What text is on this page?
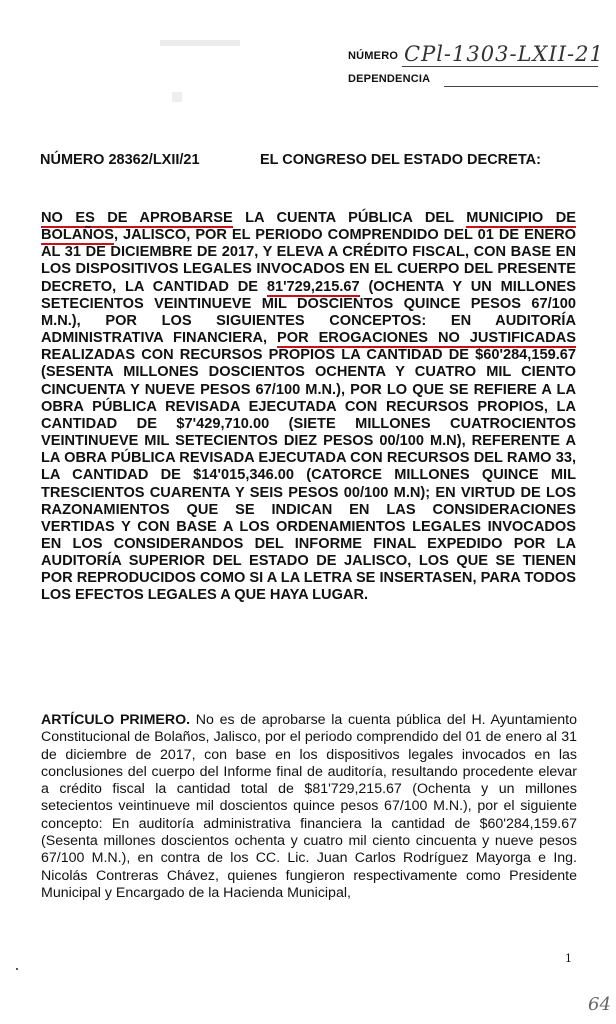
NÚMERO CPl-1303-LXII-21
DEPENDENCIA
NÚMERO 28362/LXII/21	EL CONGRESO DEL ESTADO DECRETA:
NO ES DE APROBARSE LA CUENTA PÚBLICA DEL MUNICIPIO DE BOLAÑOS, JALISCO, POR EL PERIODO COMPRENDIDO DEL 01 DE ENERO AL 31 DE DICIEMBRE DE 2017, Y ELEVA A CRÉDITO FISCAL, CON BASE EN LOS DISPOSITIVOS LEGALES INVOCADOS EN EL CUERPO DEL PRESENTE DECRETO, LA CANTIDAD DE 81'729,215.67 (OCHENTA Y UN MILLONES SETECIENTOS VEINTINUEVE MIL DOSCIENTOS QUINCE PESOS 67/100 M.N.), POR LOS SIGUIENTES CONCEPTOS: EN AUDITORÍA ADMINISTRATIVA FINANCIERA, POR EROGACIONES NO JUSTIFICADAS REALIZADAS CON RECURSOS PROPIOS LA CANTIDAD DE $60'284,159.67 (SESENTA MILLONES DOSCIENTOS OCHENTA Y CUATRO MIL CIENTO CINCUENTA Y NUEVE PESOS 67/100 M.N.), POR LO QUE SE REFIERE A LA OBRA PÚBLICA REVISADA EJECUTADA CON RECURSOS PROPIOS, LA CANTIDAD DE $7'429,710.00 (SIETE MILLONES CUATROCIENTOS VEINTINUEVE MIL SETECIENTOS DIEZ PESOS 00/100 M.N), REFERENTE A LA OBRA PÚBLICA REVISADA EJECUTADA CON RECURSOS DEL RAMO 33, LA CANTIDAD DE $14'015,346.00 (CATORCE MILLONES QUINCE MIL TRESCIENTOS CUARENTA Y SEIS PESOS 00/100 M.N); EN VIRTUD DE LOS RAZONAMIENTOS QUE SE INDICAN EN LAS CONSIDERACIONES VERTIDAS Y CON BASE A LOS ORDENAMIENTOS LEGALES INVOCADOS EN LOS CONSIDERANDOS DEL INFORME FINAL EXPEDIDO POR LA AUDITORÍA SUPERIOR DEL ESTADO DE JALISCO, LOS QUE SE TIENEN POR REPRODUCIDOS COMO SI A LA LETRA SE INSERTASEN, PARA TODOS LOS EFECTOS LEGALES A QUE HAYA LUGAR.
ARTÍCULO PRIMERO. No es de aprobarse la cuenta pública del H. Ayuntamiento Constitucional de Bolaños, Jalisco, por el periodo comprendido del 01 de enero al 31 de diciembre de 2017, con base en los dispositivos legales invocados en las conclusiones del cuerpo del Informe final de auditoría, resultando procedente elevar a crédito fiscal la cantidad total de $81'729,215.67 (Ochenta y un millones setecientos veintinueve mil doscientos quince pesos 67/100 M.N.), por el siguiente concepto: En auditoría administrativa financiera la cantidad de $60'284,159.67 (Sesenta millones doscientos ochenta y cuatro mil ciento cincuenta y nueve pesos 67/100 M.N.), en contra de los CC. Lic. Juan Carlos Rodríguez Mayorga e Ing. Nicolás Contreras Chávez, quienes fungieron respectivamente como Presidente Municipal y Encargado de la Hacienda Municipal,
1
64
